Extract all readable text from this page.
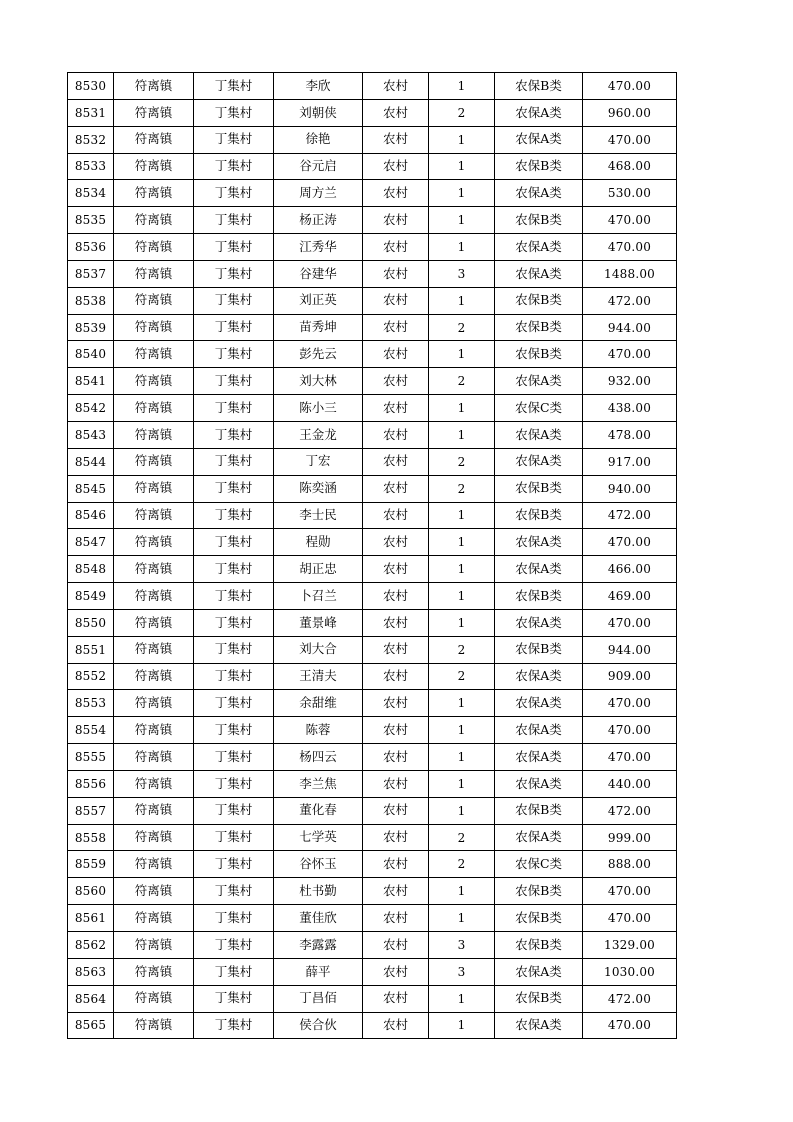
8530	符离镇	丁集村	李欣	农村	1	农保B类	470.00
8531	符离镇	丁集村	刘朝侠	农村	2	农保A类	960.00
8532	符离镇	丁集村	徐艳	农村	1	农保A类	470.00
8533	符离镇	丁集村	谷元启	农村	1	农保B类	468.00
8534	符离镇	丁集村	周方兰	农村	1	农保A类	530.00
8535	符离镇	丁集村	杨正涛	农村	1	农保B类	470.00
8536	符离镇	丁集村	江秀华	农村	1	农保A类	470.00
8537	符离镇	丁集村	谷建华	农村	3	农保A类	1488.00
8538	符离镇	丁集村	刘正英	农村	1	农保B类	472.00
8539	符离镇	丁集村	苗秀坤	农村	2	农保B类	944.00
8540	符离镇	丁集村	彭先云	农村	1	农保B类	470.00
8541	符离镇	丁集村	刘大林	农村	2	农保A类	932.00
8542	符离镇	丁集村	陈小三	农村	1	农保C类	438.00
8543	符离镇	丁集村	王金龙	农村	1	农保A类	478.00
8544	符离镇	丁集村	丁宏	农村	2	农保A类	917.00
8545	符离镇	丁集村	陈奕涵	农村	2	农保B类	940.00
8546	符离镇	丁集村	李士民	农村	1	农保B类	472.00
8547	符离镇	丁集村	程勋	农村	1	农保A类	470.00
8548	符离镇	丁集村	胡正忠	农村	1	农保A类	466.00
8549	符离镇	丁集村	卜召兰	农村	1	农保B类	469.00
8550	符离镇	丁集村	董景峰	农村	1	农保A类	470.00
8551	符离镇	丁集村	刘大合	农村	2	农保B类	944.00
8552	符离镇	丁集村	王清夫	农村	2	农保A类	909.00
8553	符离镇	丁集村	余甜维	农村	1	农保A类	470.00
8554	符离镇	丁集村	陈蓉	农村	1	农保A类	470.00
8555	符离镇	丁集村	杨四云	农村	1	农保A类	470.00
8556	符离镇	丁集村	李兰焦	农村	1	农保A类	440.00
8557	符离镇	丁集村	董化春	农村	1	农保B类	472.00
8558	符离镇	丁集村	七学英	农村	2	农保A类	999.00
8559	符离镇	丁集村	谷怀玉	农村	2	农保C类	888.00
8560	符离镇	丁集村	杜书勤	农村	1	农保B类	470.00
8561	符离镇	丁集村	董佳欣	农村	1	农保B类	470.00
8562	符离镇	丁集村	李露露	农村	3	农保B类	1329.00
8563	符离镇	丁集村	薛平	农村	3	农保A类	1030.00
8564	符离镇	丁集村	丁昌佰	农村	1	农保B类	472.00
8565	符离镇	丁集村	侯合伙	农村	1	农保A类	470.00
